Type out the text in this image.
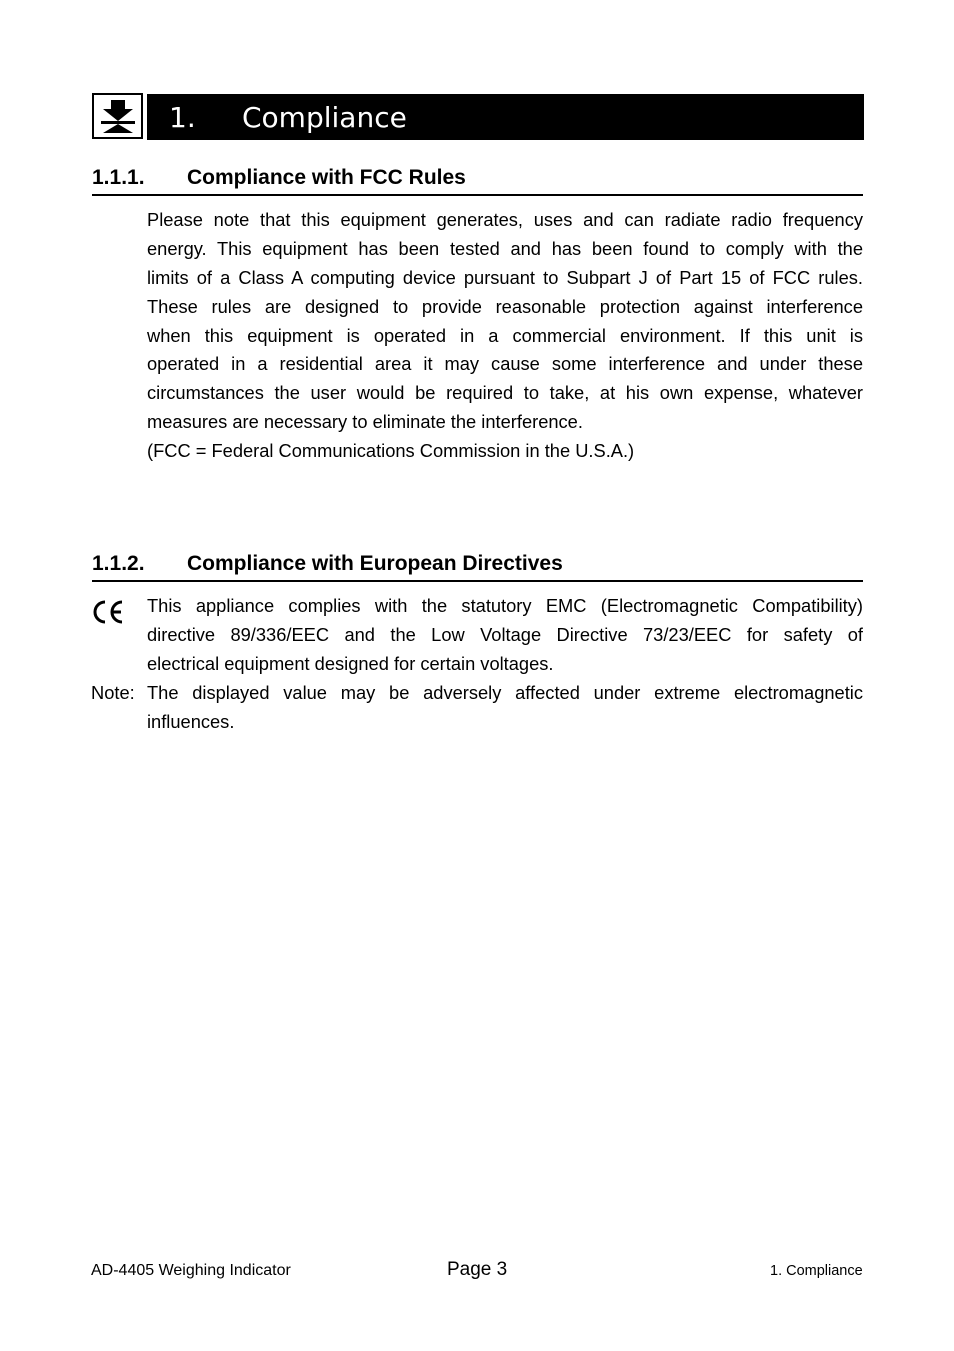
1. Compliance
1.1.1. Compliance with FCC Rules
Please note that this equipment generates, uses and can radiate radio frequency
energy. This equipment has been tested and has been found to comply with the
limits of a Class A computing device pursuant to Subpart J of Part 15 of FCC rules.
These rules are designed to provide reasonable protection against interference
when this equipment is operated in a commercial environment. If this unit is
operated in a residential area it may cause some interference and under these
circumstances the user would be required to take, at his own expense, whatever
measures are necessary to eliminate the interference.
(FCC = Federal Communications Commission in the U.S.A.)
1.1.2. Compliance with European Directives
This appliance complies with the statutory EMC (Electromagnetic Compatibility)
directive 89/336/EEC and the Low Voltage Directive 73/23/EEC for safety of
electrical equipment designed for certain voltages.
The displayed value may be adversely affected under extreme electromagnetic
influences.
Note:
AD-4405 Weighing Indicator	Page 3	1. Compliance
